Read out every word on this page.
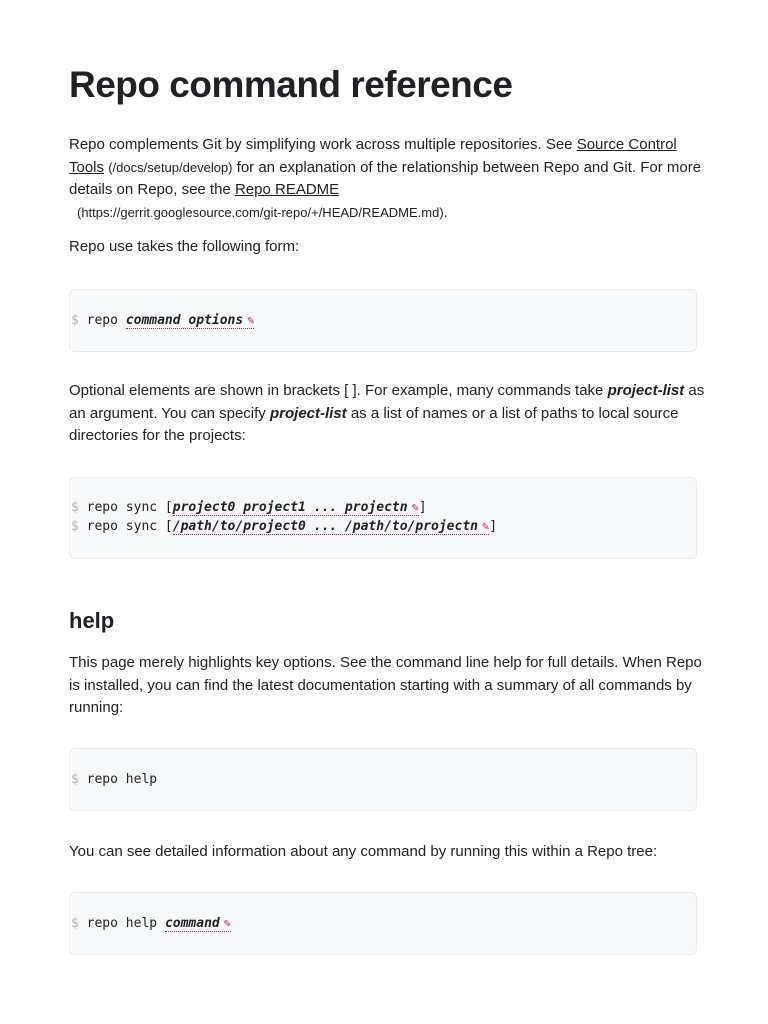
Repo command reference

Repo complements Git by simplifying work across multiple repositories. See Source Control Tools (/docs/setup/develop) for an explanation of the relationship between Repo and Git. For more details on Repo, see the Repo README
(https://gerrit.googlesource.com/git-repo/+/HEAD/README.md).

Repo use takes the following form:

$ repo command options ✎

Optional elements are shown in brackets [ ]. For example, many commands take project-list as an argument. You can specify project-list as a list of names or a list of paths to local source directories for the projects:

$ repo sync [project0 project1 ... projectn ✎]
$ repo sync [/path/to/project0 ... /path/to/projectn ✎]
help

This page merely highlights key options. See the command line help for full details. When Repo is installed, you can find the latest documentation starting with a summary of all commands by running:

$ repo help

You can see detailed information about any command by running this within a Repo tree:

$ repo help command ✎
